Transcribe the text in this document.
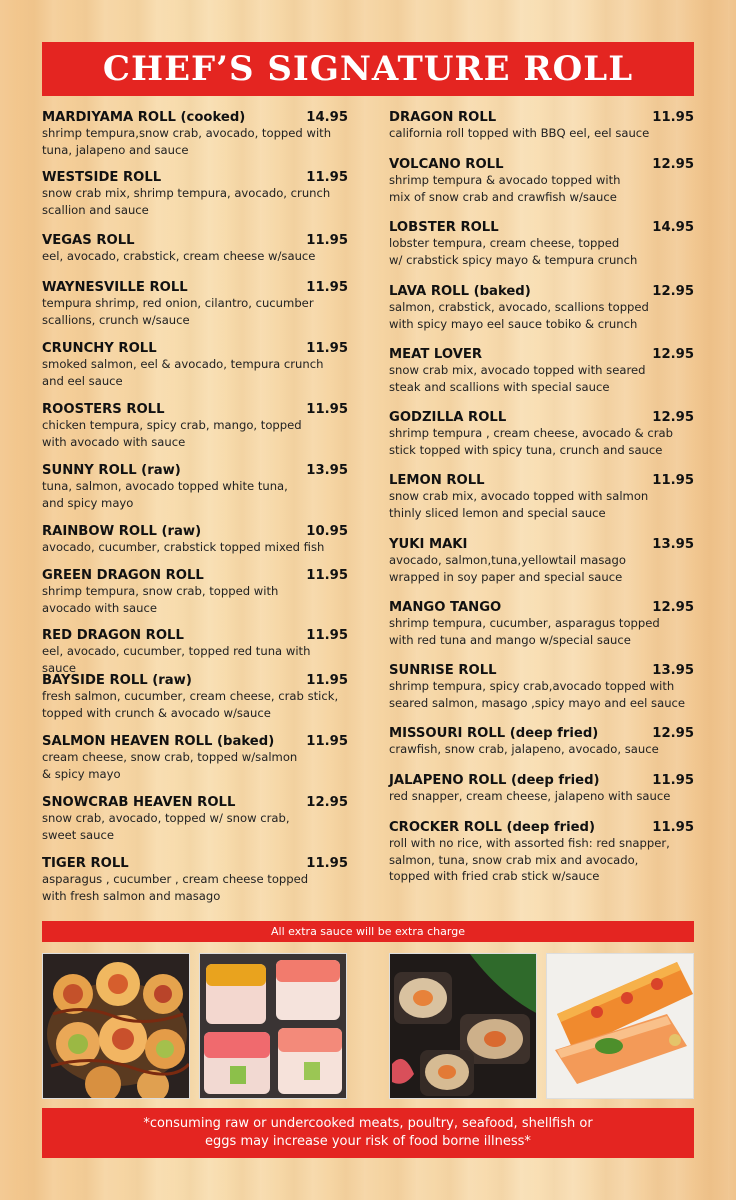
CHEF’S SIGNATURE ROLL
MARDIYAMA ROLL (cooked)	14.95
shrimp tempura,snow crab, avocado, topped with
tuna, jalapeno and sauce
WESTSIDE ROLL	11.95
snow crab mix, shrimp tempura, avocado, crunch
scallion and sauce
VEGAS ROLL	11.95
eel, avocado, crabstick, cream cheese w/sauce
WAYNESVILLE ROLL	11.95
tempura shrimp, red onion, cilantro, cucumber
scallions, crunch w/sauce
CRUNCHY ROLL	11.95
smoked salmon, eel & avocado, tempura crunch
and eel sauce
ROOSTERS ROLL	11.95
chicken tempura, spicy crab, mango, topped
with avocado with sauce
SUNNY ROLL (raw)	13.95
tuna, salmon, avocado topped white tuna,
and spicy mayo
RAINBOW ROLL (raw)	10.95
avocado, cucumber, crabstick topped mixed fish
GREEN DRAGON ROLL	11.95
shrimp tempura, snow crab, topped with
avocado with sauce
RED DRAGON ROLL	11.95
eel, avocado, cucumber, topped red tuna with sauce
BAYSIDE ROLL (raw)	11.95
fresh salmon, cucumber, cream cheese, crab stick,
topped with crunch & avocado w/sauce
SALMON HEAVEN ROLL (baked) 11.95
cream cheese, snow crab, topped w/salmon
& spicy mayo
SNOWCRAB HEAVEN ROLL	12.95
snow crab, avocado, topped w/ snow crab,
sweet sauce
TIGER ROLL	11.95
asparagus , cucumber , cream cheese topped
with fresh salmon and masago
DRAGON ROLL	11.95
california roll topped with BBQ eel, eel sauce
VOLCANO ROLL	12.95
shrimp tempura & avocado topped with
mix of snow crab and crawfish w/sauce
LOBSTER ROLL	14.95
lobster tempura, cream cheese, topped
w/ crabstick spicy mayo & tempura crunch
LAVA ROLL (baked)	12.95
salmon, crabstick, avocado, scallions topped
with spicy mayo eel sauce tobiko & crunch
MEAT LOVER	12.95
snow crab mix, avocado topped with seared
steak and scallions with special sauce
GODZILLA ROLL	12.95
shrimp tempura , cream cheese, avocado & crab
stick topped with spicy tuna, crunch and sauce
LEMON ROLL	11.95
snow crab mix, avocado topped with salmon
thinly sliced lemon and special sauce
YUKI MAKI	13.95
avocado, salmon,tuna,yellowtail masago
wrapped in soy paper and special sauce
MANGO TANGO	12.95
shrimp tempura, cucumber, asparagus topped
with red tuna and mango w/special sauce
SUNRISE ROLL	13.95
shrimp tempura, spicy crab,avocado topped with
seared salmon, masago ,spicy mayo and eel sauce
MISSOURI ROLL (deep fried)	12.95
crawfish, snow crab, jalapeno, avocado, sauce
JALAPENO ROLL (deep fried)	11.95
red snapper, cream cheese, jalapeno with sauce
CROCKER ROLL (deep fried)	11.95
roll with no rice, with assorted fish: red snapper,
salmon, tuna, snow crab mix and avocado,
topped with fried crab stick w/sauce
All extra sauce will be extra charge
*consuming raw or undercooked meats, poultry, seafood, shellfish or
eggs may increase your risk of food borne illness*
